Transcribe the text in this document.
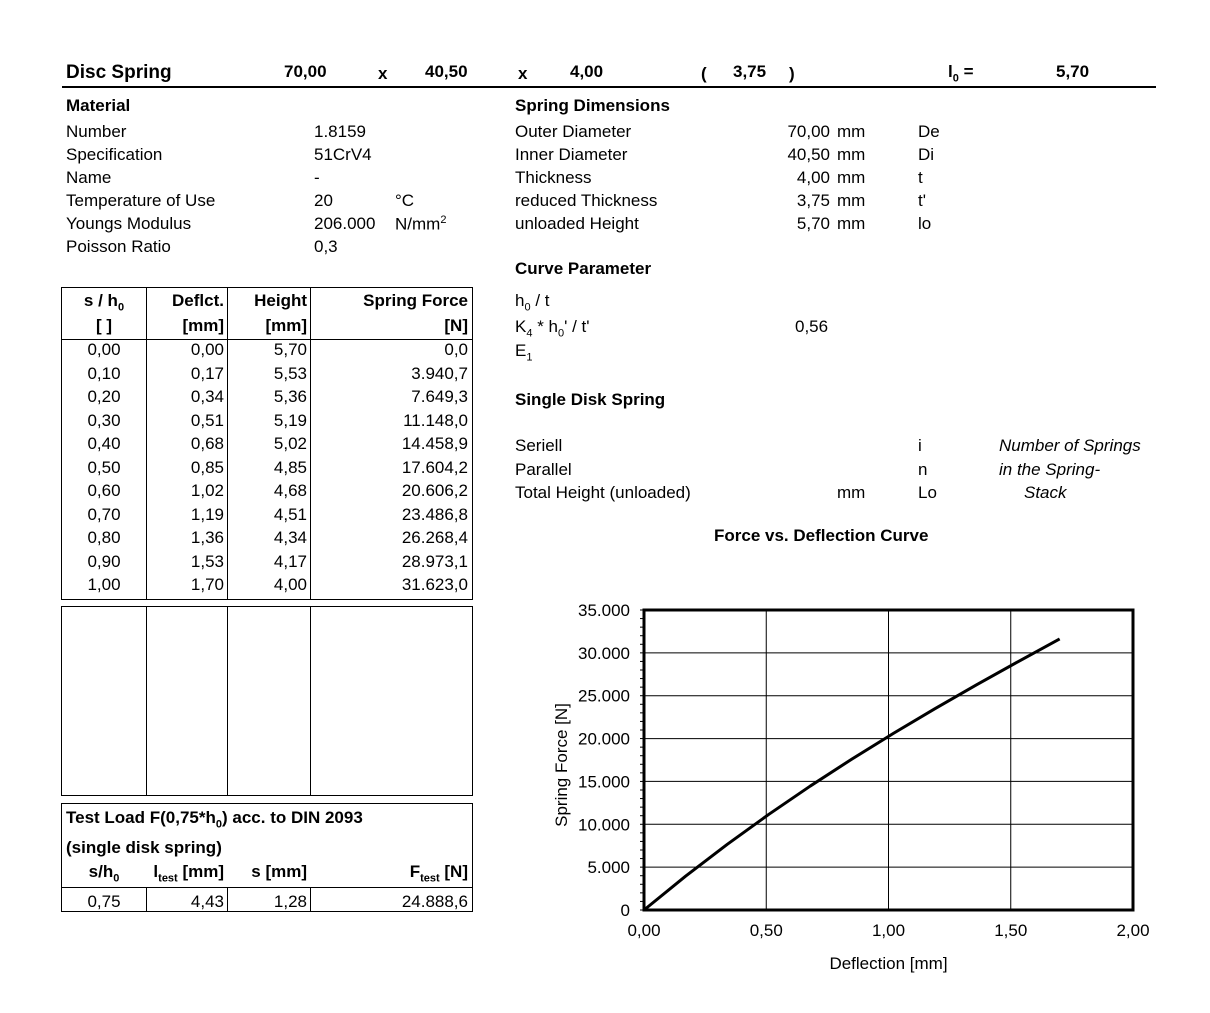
Disc Spring	70,00	x 40,50	x	4,00	( 3,75 )	$l_0$ =	5,70
Material
Number	1.8159
Specification	51CrV4
Name	-
Temperature of Use	20	°C
Youngs Modulus	206.000 $N/mm^2$
Poisson Ratio	0,3
Spring Dimensions
Outer Diameter	70,00 mm	De
Inner Diameter	40,50 mm	Di
Thickness	4,00 mm	t
reduced Thickness	3,75 mm	t'
unloaded Height	5,70 mm	lo
Curve Parameter
$h_0$ / t
$K_4 * h_0'$ / t'	0,56
$E_1$
Single Disk Spring
Seriell	i	Number of Springs
Parallel	n	in the Spring-
Total Height (unloaded)	mm	Lo	Stack
s / $h_0$	Deflct.	Height	Spring Force
[ ]	[mm]	[mm]	[N]
0,00	0,00	5,70	0,0
0,10	0,17	5,53	3.940,7
0,20	0,34	5,36	7.649,3
0,30	0,51	5,19	11.148,0
0,40	0,68	5,02	14.458,9
0,50	0,85	4,85	17.604,2
0,60	1,02	4,68	20.606,2
0,70	1,19	4,51	23.486,8
0,80	1,36	4,34	26.268,4
0,90	1,53	4,17	28.973,1
1,00	1,70	4,00	31.623,0
Test Load $F(0,75*h_0)$ acc. to DIN 2093
(single disk spring)
$s/h_0$	$l_{test}$ [mm]	s [mm]	$F_{test}$ [N]
0,75	4,43	1,28	24.888,6
Force vs. Deflection Curve
0,00	0,50	1,00	1,50	2,00
0
5.000
10.000
15.000
20.000
25.000
30.000
35.000
Deflection [mm]
Spring Force [N]
